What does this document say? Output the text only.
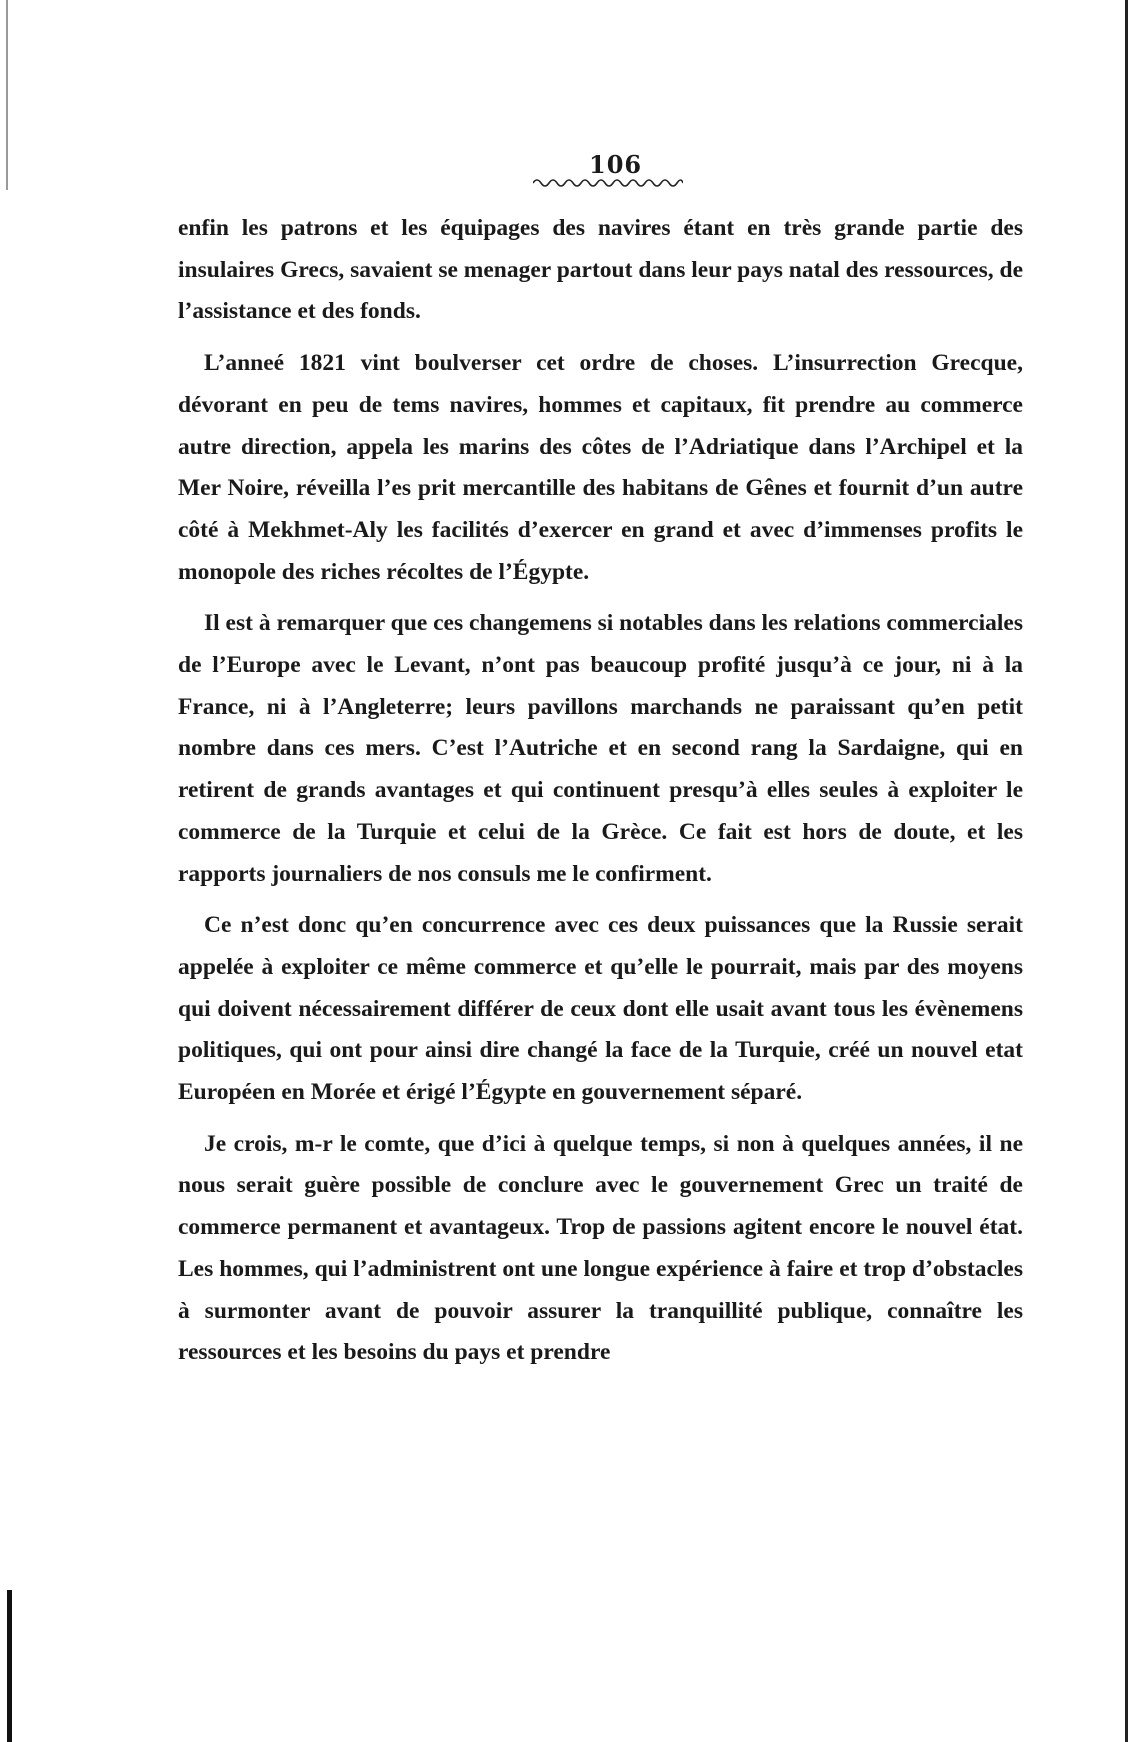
106

enfin les patrons et les équipages des navires étant en très grande partie des insulaires Grecs, savaient se menager partout dans leur pays natal des ressources, de l’assistance et des fonds.

L’anneé 1821 vint boulverser cet ordre de choses. L’insurrection Grecque, dévorant en peu de tems navires, hommes et capitaux, fit prendre au commerce autre direction, appela les marins des côtes de l’Adriatique dans l’Archipel et la Mer Noire, réveilla l’es prit mercantille des habitans de Gênes et fournit d’un autre côté à Mekhmet-Aly les facilités d’exercer en grand et avec d’immenses profits le monopole des riches récoltes de l’Égypte.

Il est à remarquer que ces changemens si notables dans les relations commerciales de l’Europe avec le Levant, n’ont pas beaucoup profité jusqu’à ce jour, ni à la France, ni à l’Angleterre; leurs pavillons marchands ne paraissant qu’en petit nombre dans ces mers. C’est l’Autriche et en second rang la Sardaigne, qui en retirent de grands avantages et qui continuent presqu’à elles seules à exploiter le commerce de la Turquie et celui de la Grèce. Ce fait est hors de doute, et les rapports journaliers de nos consuls me le confirment.

Ce n’est donc qu’en concurrence avec ces deux puissances que la Russie serait appelée à exploiter ce même commerce et qu’elle le pourrait, mais par des moyens qui doivent nécessairement différer de ceux dont elle usait avant tous les évènemens politiques, qui ont pour ainsi dire changé la face de la Turquie, créé un nouvel etat Européen en Morée et érigé l’Égypte en gouvernement séparé.

Je crois, m-r le comte, que d’ici à quelque temps, si non à quelques années, il ne nous serait guère possible de conclure avec le gouvernement Grec un traité de commerce permanent et avantageux. Trop de passions agitent encore le nouvel état. Les hommes, qui l’administrent ont une longue expérience à faire et trop d’obstacles à surmonter avant de pouvoir assurer la tranquillité publique, connaître les ressources et les besoins du pays et prendre
